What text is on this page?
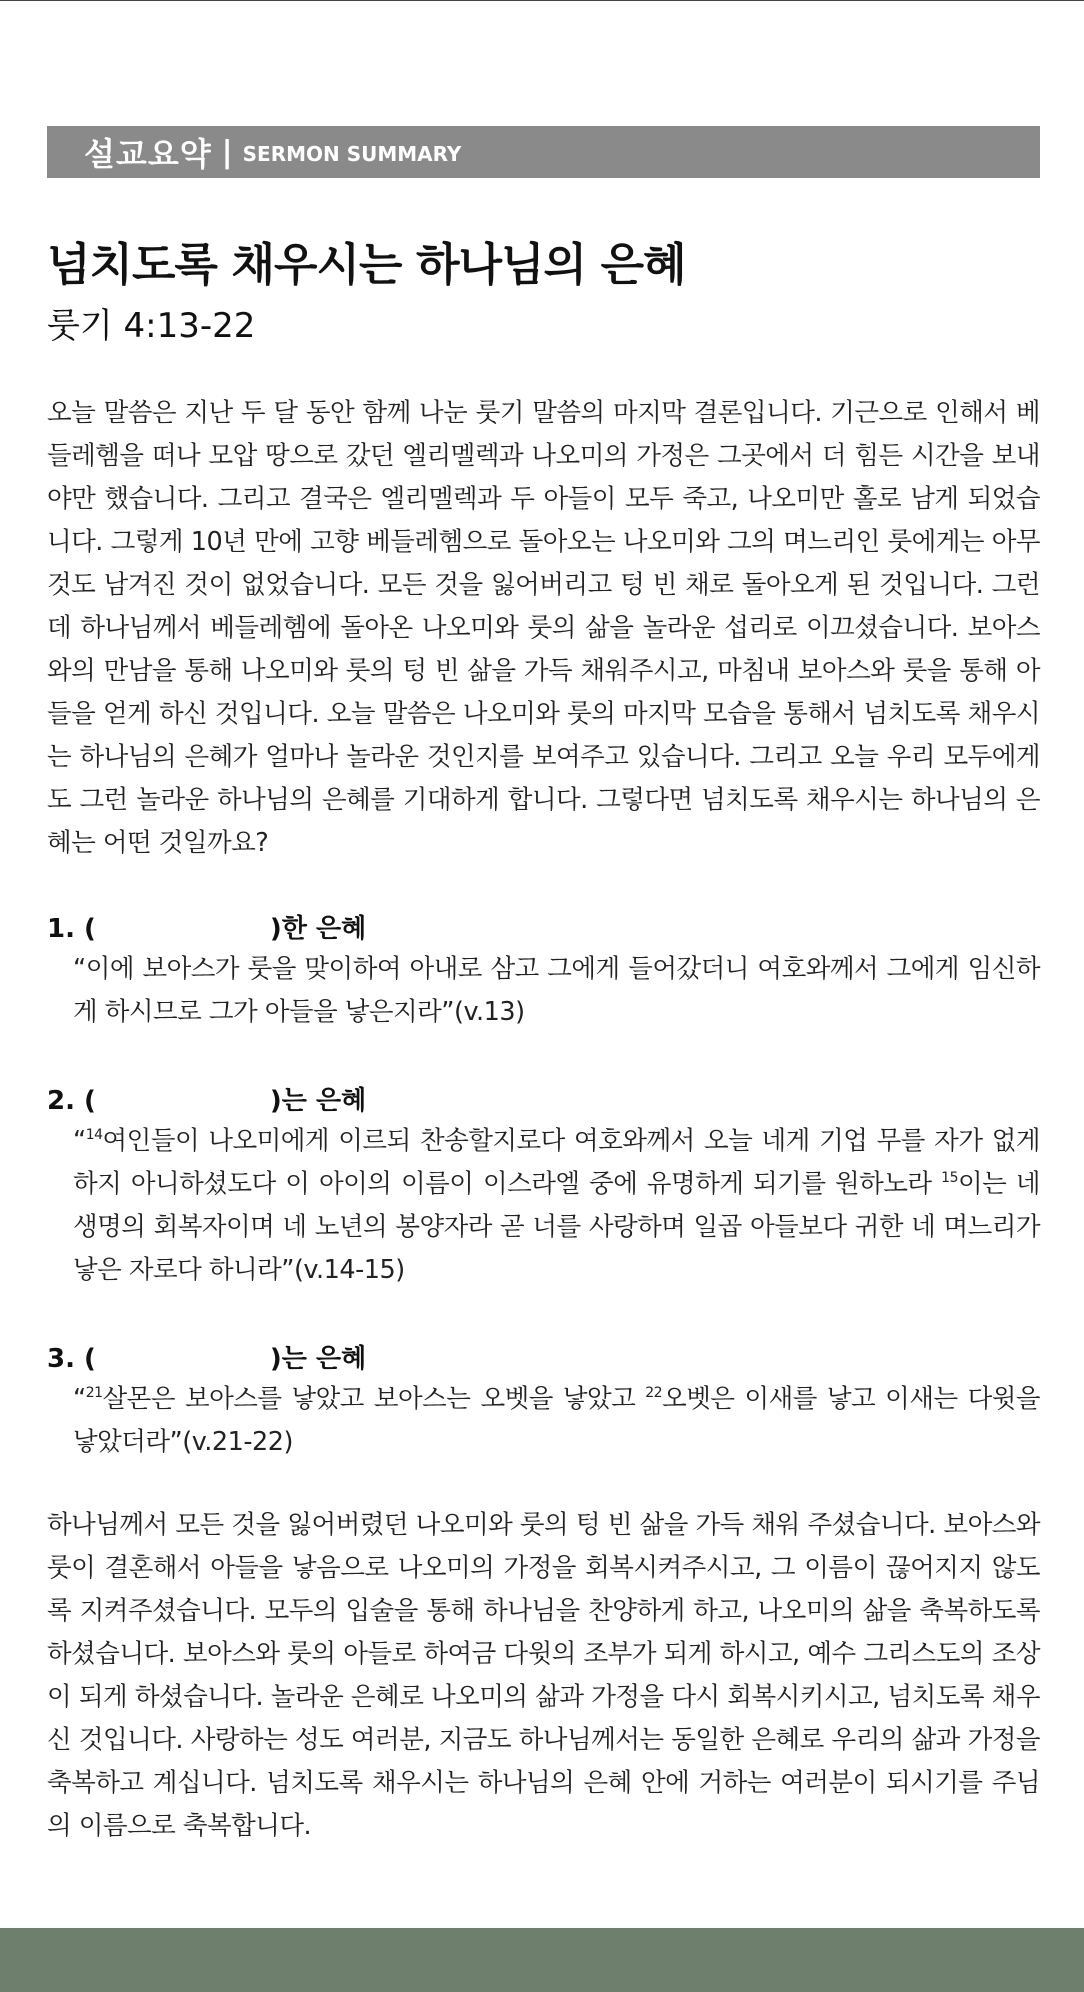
설교요약 | SERMON SUMMARY
넘치도록 채우시는 하나님의 은혜
룻기 4:13-22

오늘 말씀은 지난 두 달 동안 함께 나눈 룻기 말씀의 마지막 결론입니다. 기근으로 인해서 베들레헴을 떠나 모압 땅으로 갔던 엘리멜렉과 나오미의 가정은 그곳에서 더 힘든 시간을 보내야만 했습니다. 그리고 결국은 엘리멜렉과 두 아들이 모두 죽고, 나오미만 홀로 남게 되었습니다. 그렇게 10년 만에 고향 베들레헴으로 돌아오는 나오미와 그의 며느리인 룻에게는 아무것도 남겨진 것이 없었습니다. 모든 것을 잃어버리고 텅 빈 채로 돌아오게 된 것입니다. 그런데 하나님께서 베들레헴에 돌아온 나오미와 룻의 삶을 놀라운 섭리로 이끄셨습니다. 보아스와의 만남을 통해 나오미와 룻의 텅 빈 삶을 가득 채워주시고, 마침내 보아스와 룻을 통해 아들을 얻게 하신 것입니다. 오늘 말씀은 나오미와 룻의 마지막 모습을 통해서 넘치도록 채우시는 하나님의 은혜가 얼마나 놀라운 것인지를 보여주고 있습니다. 그리고 오늘 우리 모두에게도 그런 놀라운 하나님의 은혜를 기대하게 합니다. 그렇다면 넘치도록 채우시는 하나님의 은혜는 어떤 것일까요?

1. (	)한 은혜

“이에 보아스가 룻을 맞이하여 아내로 삼고 그에게 들어갔더니 여호와께서 그에게 임신하게 하시므로 그가 아들을 낳은지라”(v.13)

2. (	)는 은혜

“$^{14}$여인들이 나오미에게 이르되 찬송할지로다 여호와께서 오늘 네게 기업 무를 자가 없게 하지 아니하셨도다 이 아이의 이름이 이스라엘 중에 유명하게 되기를 원하노라 $^{15}$이는 네 생명의 회복자이며 네 노년의 봉양자라 곧 너를 사랑하며 일곱 아들보다 귀한 네 며느리가 낳은 자로다 하니라”(v.14-15)

3. (	)는 은혜

“$^{21}$살몬은 보아스를 낳았고 보아스는 오벳을 낳았고 $^{22}$오벳은 이새를 낳고 이새는 다윗을 낳았더라”(v.21-22)

하나님께서 모든 것을 잃어버렸던 나오미와 룻의 텅 빈 삶을 가득 채워 주셨습니다. 보아스와 룻이 결혼해서 아들을 낳음으로 나오미의 가정을 회복시켜주시고, 그 이름이 끊어지지 않도록 지켜주셨습니다. 모두의 입술을 통해 하나님을 찬양하게 하고, 나오미의 삶을 축복하도록 하셨습니다. 보아스와 룻의 아들로 하여금 다윗의 조부가 되게 하시고, 예수 그리스도의 조상이 되게 하셨습니다. 놀라운 은혜로 나오미의 삶과 가정을 다시 회복시키시고, 넘치도록 채우신 것입니다. 사랑하는 성도 여러분, 지금도 하나님께서는 동일한 은혜로 우리의 삶과 가정을 축복하고 계십니다. 넘치도록 채우시는 하나님의 은혜 안에 거하는 여러분이 되시기를 주님의 이름으로 축복합니다.
